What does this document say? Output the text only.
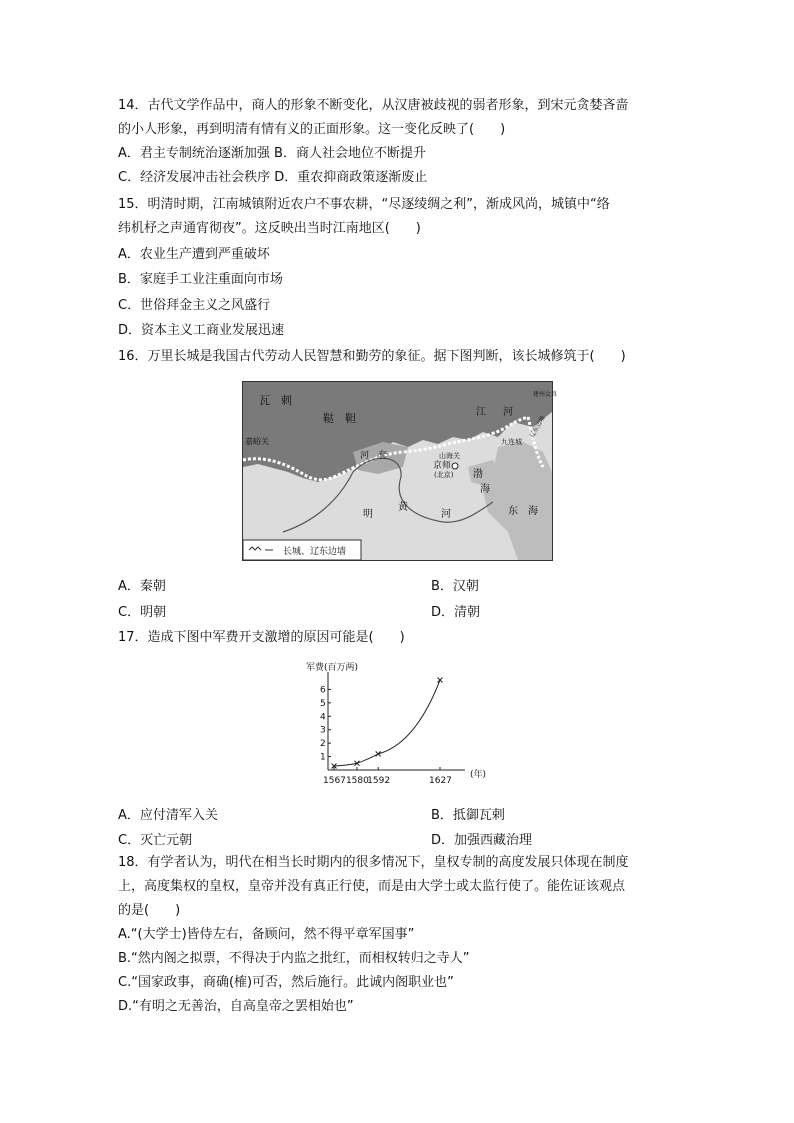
14．古代文学作品中，商人的形象不断变化，从汉唐被歧视的弱者形象，到宋元贪婪吝啬
的小人形象，再到明清有情有义的正面形象。这一变化反映了(　　)
A．君主专制统治逐渐加强 B．商人社会地位不断提升
C．经济发展冲击社会秩序 D．重农抑商政策逐渐废止
15．明清时期，江南城镇附近农户不事农耕，“尽逐绫绸之利”，渐成风尚，城镇中“络
纬机杼之声通宵彻夜”。这反映出当时江南地区(　　)
A．农业生产遭到严重破坏
B．家庭手工业注重面向市场
C．世俗拜金主义之风盛行
D．资本主义工商业发展迅速
16．万里长城是我国古代劳动人民智慧和勤劳的象征。据下图判断，该长城修筑于(　　)
瓦　剌
鞑　靼
嘉峪关
河　套	山海关
京师
(北京)
九连城
建州女真
辽东边墙
江 河
渤
海
东 海
明
黄
河
长城、辽东边墙
A．秦朝	B．汉朝
C．明朝	D．清朝
17．造成下图中军费开支激增的原因可能是(　　)
军费(百万两)
(年)
1
2
3
4
5
6
1567 1580
1592	1627
A．应付清军入关	B．抵御瓦剌
C．灭亡元朝	D．加强西藏治理
18．有学者认为，明代在相当长时期内的很多情况下，皇权专制的高度发展只体现在制度
上，高度集权的皇权，皇帝并没有真正行使，而是由大学士或太监行使了。能佐证该观点
的是(　　)
A.“(大学士)皆侍左右，备顾问，然不得平章军国事”
B.“然内阁之拟票，不得决于内监之批红，而相权转归之寺人”
C.“国家政事，商确(榷)可否，然后施行。此诚内阁职业也”
D.“有明之无善治，自高皇帝之罢相始也”
